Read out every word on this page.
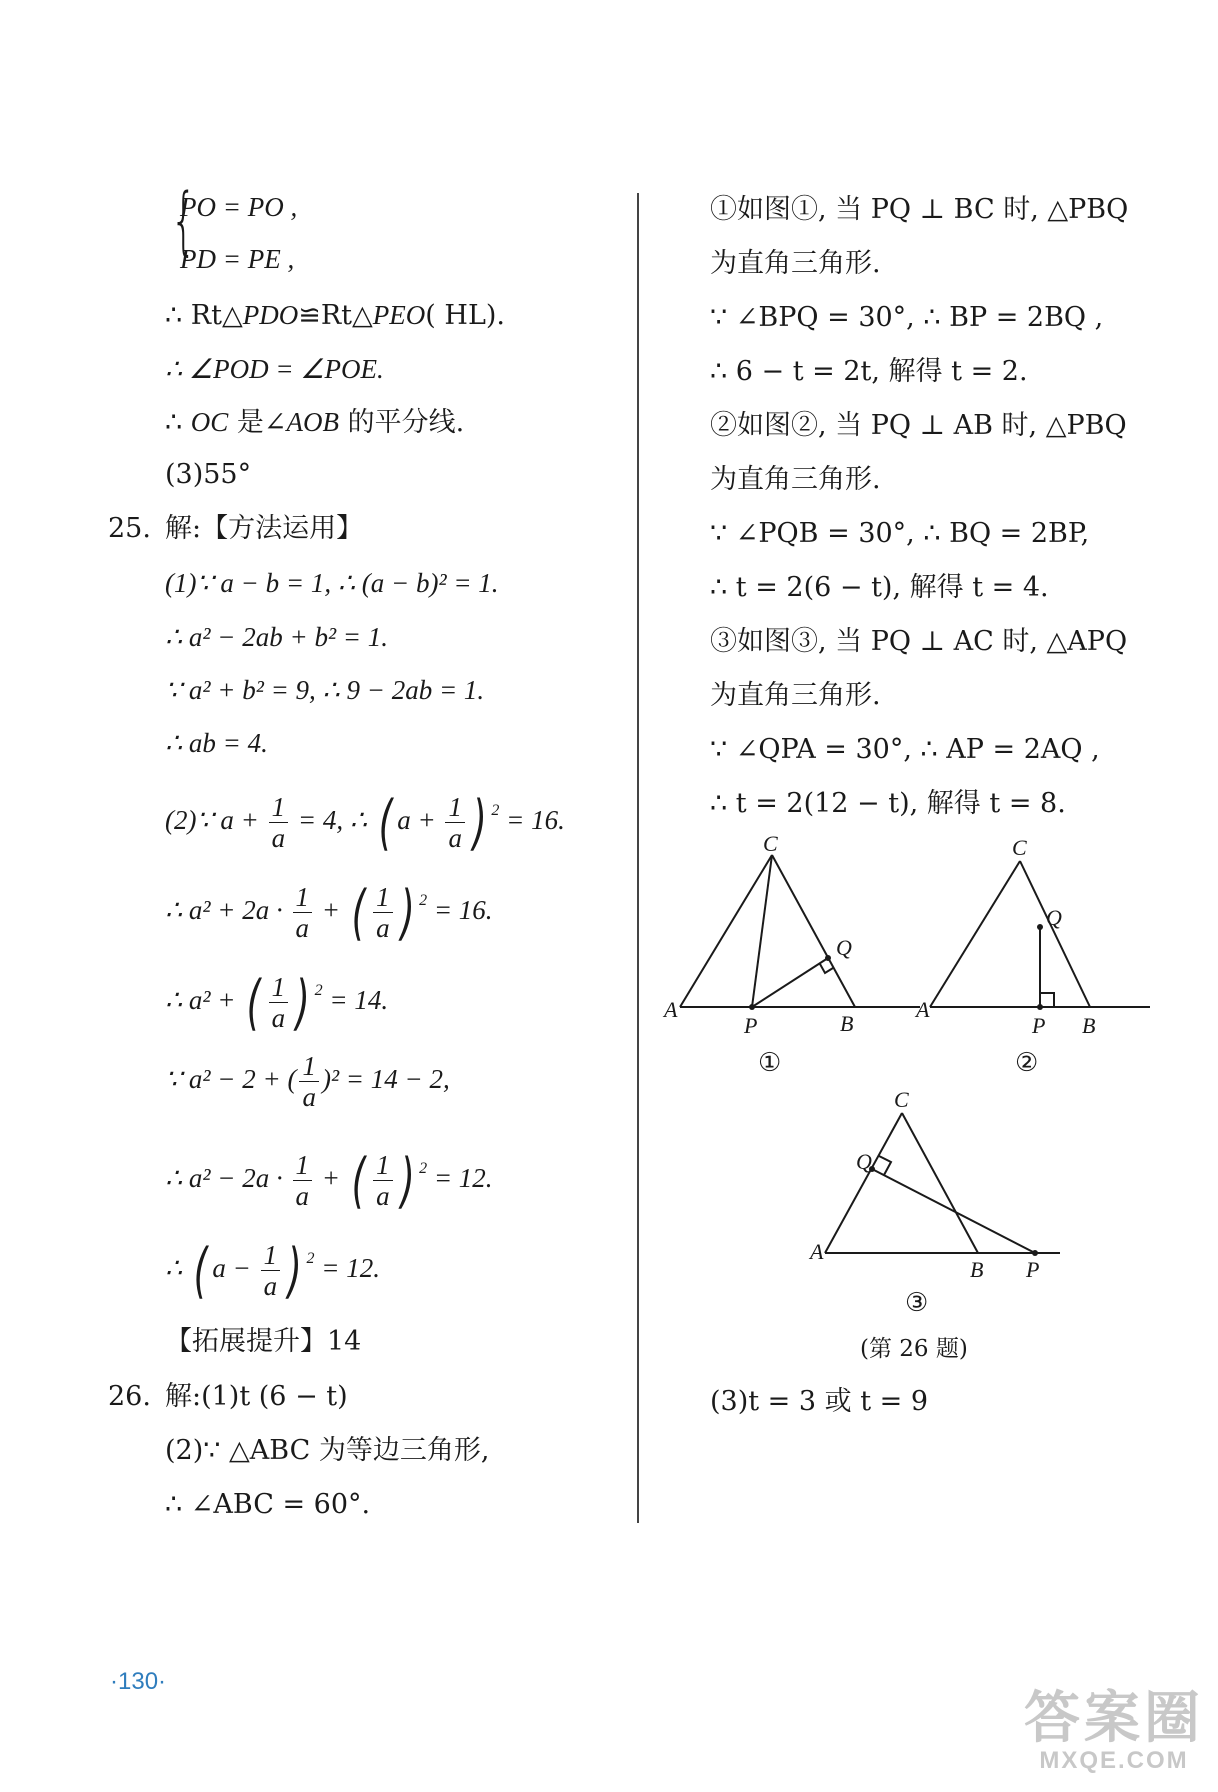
{
PO = PO ,
PD = PE ,
∴ Rt△PDO≌Rt△PEO( HL).
∴ ∠POD = ∠POE.
∴ OC 是∠AOB 的平分线.
(3)55°
25. 解:【方法运用】
(1)∵ a − b = 1, ∴ (a − b)² = 1.
∴ a² − 2ab + b² = 1.
∵ a² + b² = 9, ∴ 9 − 2ab = 1.
∴ ab = 4.
(2)∵ $a + \frac{1}{a} = 4$, ∴ ( $a + \frac{1}{a}$ ) $^2$ = 16.
∴ $a^2 + 2a \cdot \frac{1}{a}$ + ( $\frac{1}{a}$ ) $^2$ = 16.
∴ a² + ( $\frac{1}{a}$ ) $^2$ = 14.
∵ a² − 2 + ( $\frac{1}{a} )^2 = 14 - 2$,
∴ $a^2 - 2a \cdot \frac{1}{a}$ + ( $\frac{1}{a}$ ) $^2$ = 12.
∴ ( $a - \frac{1}{a}$ ) $^2$ = 12.
【拓展提升】14
26. 解:(1)t (6 − t)
(2)∵ △ABC 为等边三角形,
∴ ∠ABC = 60°.
①如图①, 当 PQ ⊥ BC 时, △PBQ
为直角三角形.
∵ ∠BPQ = 30°, ∴ BP = 2BQ ,
∴ 6 − t = 2t, 解得 t = 2.
②如图②, 当 PQ ⊥ AB 时, △PBQ
为直角三角形.
∵ ∠PQB = 30°, ∴ BQ = 2BP,
∴ t = 2(6 − t), 解得 t = 4.
③如图③, 当 PQ ⊥ AC 时, △APQ
为直角三角形.
∵ ∠QPA = 30°, ∴ AP = 2AQ ,
∴ t = 2(12 − t), 解得 t = 8.
C
A
P	B
Q
①
C
A
P B
Q
②
C
A
Q
B P
③
(第 26 题)
(3)t = 3 或 t = 9
·130·
答案圈
MXQE.COM
